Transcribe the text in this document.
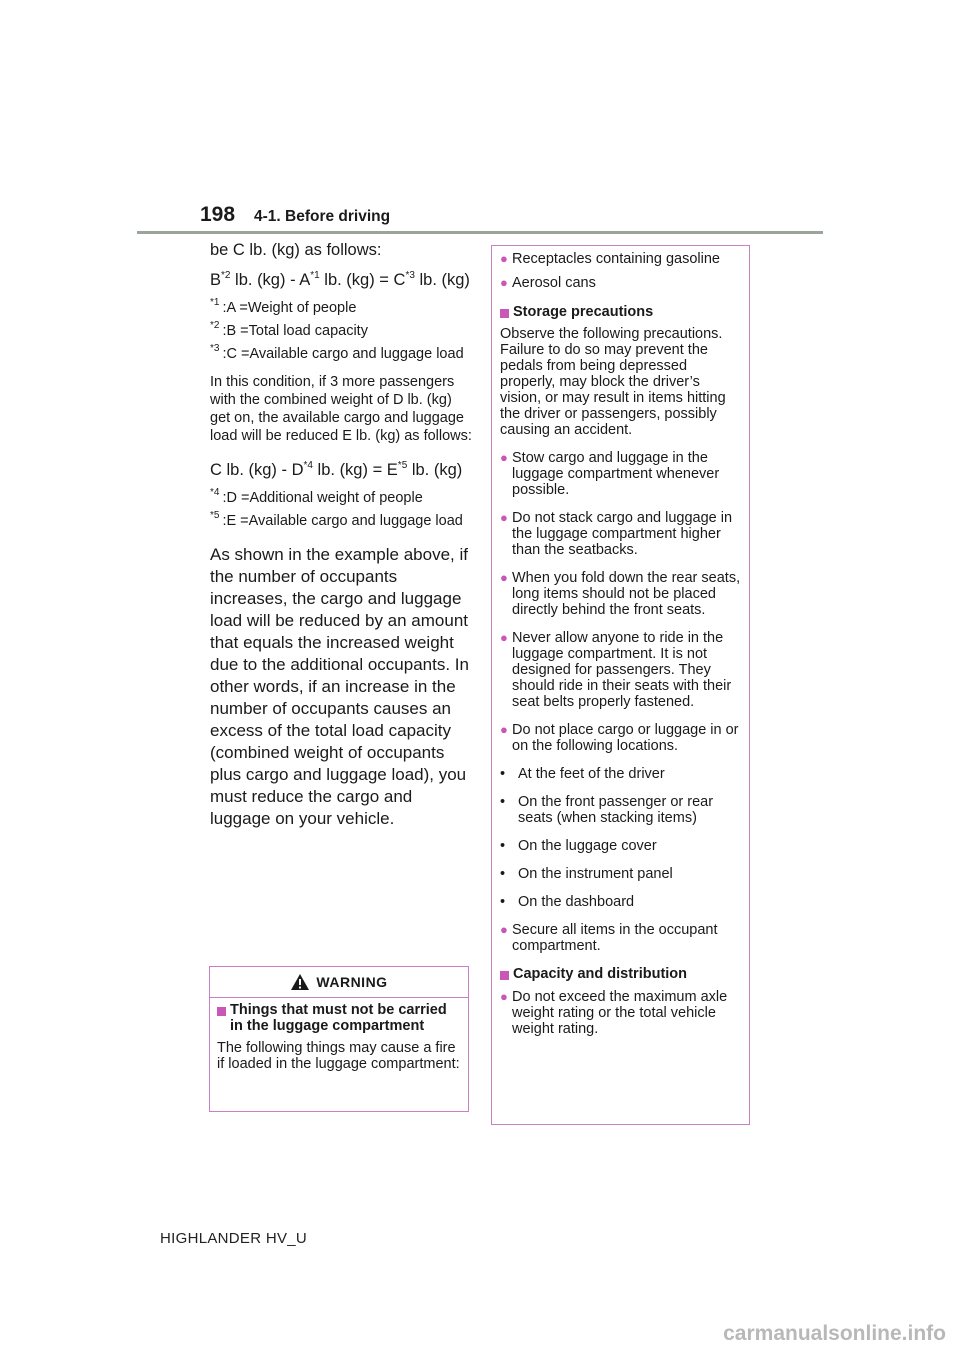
198 4-1. Before driving

be C lb. (kg) as follows:

$B^{*2}$ lb. $(kg) - A^{*1}$ lb. $(kg) = C^{*3}$ lb. (kg)

$^{*1}$ :A =Weight of people
$^{*2}$ :B =Total load capacity
$^{*3}$ :C =Available cargo and luggage load

In this condition, if 3 more passengers with the combined weight of D lb. (kg) get on, the available cargo and luggage load will be reduced E lb. (kg) as follows:

C lb. $(kg) - D^{*4}$ lb. $(kg) = E^{*5}$ lb. (kg)

$^{*4}$ :D =Additional weight of people
$^{*5}$ :E =Available cargo and luggage load

As shown in the example above, if the number of occupants increases, the cargo and luggage load will be reduced by an amount that equals the increased weight due to the additional occupants. In other words, if an increase in the number of occupants causes an excess of the total load capacity (combined weight of occupants plus cargo and luggage load), you must reduce the cargo and luggage on your vehicle.

WARNING
Things that must not be carried in the luggage compartment
The following things may cause a fire if loaded in the luggage compartment:
● Receptacles containing gasoline
● Aerosol cans
Storage precautions
Observe the following precautions.
Failure to do so may prevent the pedals from being depressed properly, may block the driver’s vision, or may result in items hitting the driver or passengers, possibly causing an accident.
● Stow cargo and luggage in the luggage compartment whenever possible.
● Do not stack cargo and luggage in the luggage compartment higher than the seatbacks.
● When you fold down the rear seats, long items should not be placed directly behind the front seats.
● Never allow anyone to ride in the luggage compartment. It is not designed for passengers. They should ride in their seats with their seat belts properly fastened.
● Do not place cargo or luggage in or on the following locations.
• At the feet of the driver
• On the front passenger or rear seats (when stacking items)
• On the luggage cover
• On the instrument panel
• On the dashboard
● Secure all items in the occupant compartment.
Capacity and distribution
● Do not exceed the maximum axle weight rating or the total vehicle weight rating.
HIGHLANDER HV_U
carmanualsonline.info
